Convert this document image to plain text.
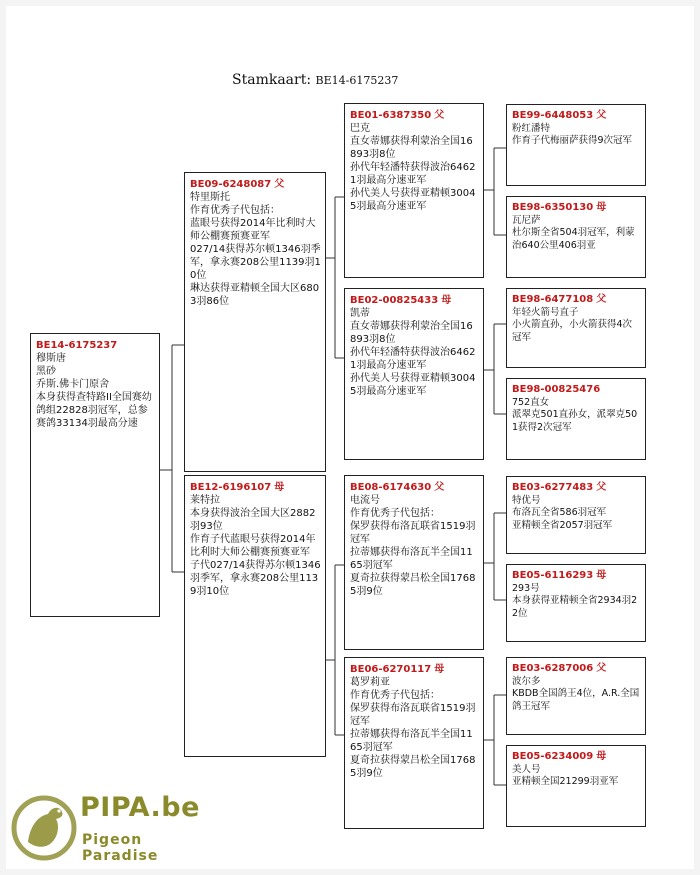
Stamkaart: BE14-6175237
BE14-6175237
穆斯唐
黑砂
乔斯.佛卡门原舍
本身获得查特路II全国赛幼鸽组22828羽冠军，总参赛鸽33134羽最高分速
BE09-6248087 父
特里斯托
作育优秀子代包括：
蓝眼号获得2014年比利时大师公棚赛预赛亚军
027/14获得苏尔顿1346羽季军，拿永赛208公里1139羽10位
琳达获得亚精顿全国大区6803羽86位
BE12-6196107 母
莱特拉
本身获得波治全国大区2882羽93位
作育子代蓝眼号获得2014年比利时大师公棚赛预赛亚军
子代027/14获得苏尔顿1346羽季军，拿永赛208公里1139羽10位
BE01-6387350 父
巴克
直女蒂娜获得利蒙治全国16893羽8位
孙代年轻潘特获得波治64621羽最高分速亚军
孙代美人号获得亚精顿30045羽最高分速亚军
BE02-00825433 母
凯蒂
直女蒂娜获得利蒙治全国16893羽8位
孙代年轻潘特获得波治64621羽最高分速亚军
孙代美人号获得亚精顿30045羽最高分速亚军
BE08-6174630 父
电流号
作育优秀子代包括：
保罗获得布洛瓦联省1519羽冠军
拉蒂娜获得布洛瓦半全国1165羽冠军
夏奇拉获得蒙吕松全国17685羽9位
BE06-6270117 母
葛罗莉亚
作育优秀子代包括：
保罗获得布洛瓦联省1519羽冠军
拉蒂娜获得布洛瓦半全国1165羽冠军
夏奇拉获得蒙吕松全国17685羽9位
BE99-6448053 父
粉红潘特
作育子代梅丽萨获得9次冠军
BE98-6350130 母
瓦尼萨
杜尔斯全省504羽冠军，利蒙治640公里406羽亚
BE98-6477108 父
年轻火箭号直子
小火箭直孙，小火箭获得4次冠军
BE98-00825476
752直女
派翠克501直孙女，派翠克501获得2次冠军
BE03-6277483 父
特优号
布洛瓦全省586羽冠军
亚精顿全省2057羽冠军
BE05-6116293 母
293号
本身获得亚精顿全省2934羽22位
BE03-6287006 父
波尔多
KBDB全国鸽王4位，A.R.全国鸽王冠军
BE05-6234009 母
美人号
亚精顿全国21299羽亚军
PIPA.be
Pigeon Paradise
